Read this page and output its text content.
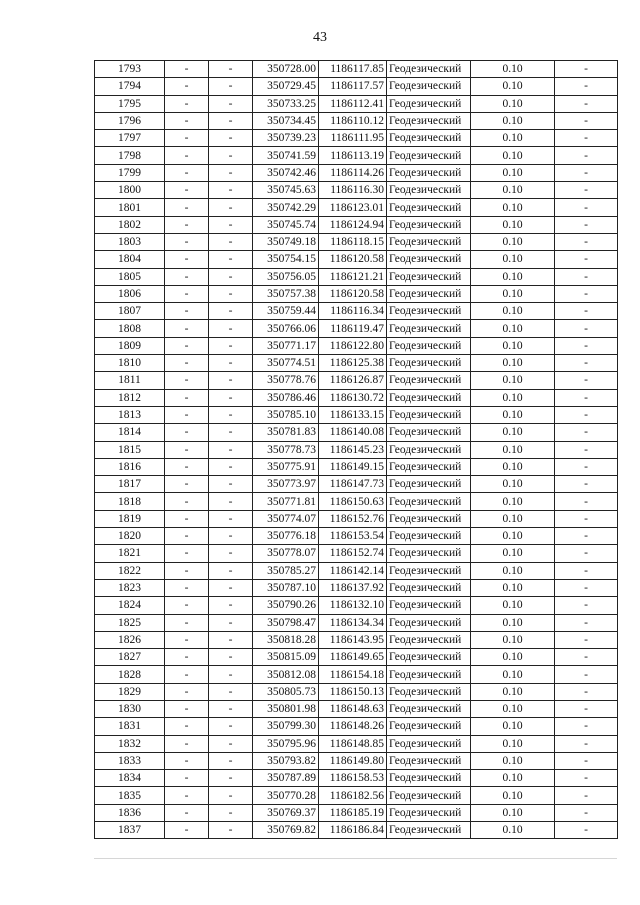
43
1793	-	-	350728.00	1186117.85	Геодезический	0.10	-
1794	-	-	350729.45	1186117.57	Геодезический	0.10	-
1795	-	-	350733.25	1186112.41	Геодезический	0.10	-
1796	-	-	350734.45	1186110.12	Геодезический	0.10	-
1797	-	-	350739.23	1186111.95	Геодезический	0.10	-
1798	-	-	350741.59	1186113.19	Геодезический	0.10	-
1799	-	-	350742.46	1186114.26	Геодезический	0.10	-
1800	-	-	350745.63	1186116.30	Геодезический	0.10	-
1801	-	-	350742.29	1186123.01	Геодезический	0.10	-
1802	-	-	350745.74	1186124.94	Геодезический	0.10	-
1803	-	-	350749.18	1186118.15	Геодезический	0.10	-
1804	-	-	350754.15	1186120.58	Геодезический	0.10	-
1805	-	-	350756.05	1186121.21	Геодезический	0.10	-
1806	-	-	350757.38	1186120.58	Геодезический	0.10	-
1807	-	-	350759.44	1186116.34	Геодезический	0.10	-
1808	-	-	350766.06	1186119.47	Геодезический	0.10	-
1809	-	-	350771.17	1186122.80	Геодезический	0.10	-
1810	-	-	350774.51	1186125.38	Геодезический	0.10	-
1811	-	-	350778.76	1186126.87	Геодезический	0.10	-
1812	-	-	350786.46	1186130.72	Геодезический	0.10	-
1813	-	-	350785.10	1186133.15	Геодезический	0.10	-
1814	-	-	350781.83	1186140.08	Геодезический	0.10	-
1815	-	-	350778.73	1186145.23	Геодезический	0.10	-
1816	-	-	350775.91	1186149.15	Геодезический	0.10	-
1817	-	-	350773.97	1186147.73	Геодезический	0.10	-
1818	-	-	350771.81	1186150.63	Геодезический	0.10	-
1819	-	-	350774.07	1186152.76	Геодезический	0.10	-
1820	-	-	350776.18	1186153.54	Геодезический	0.10	-
1821	-	-	350778.07	1186152.74	Геодезический	0.10	-
1822	-	-	350785.27	1186142.14	Геодезический	0.10	-
1823	-	-	350787.10	1186137.92	Геодезический	0.10	-
1824	-	-	350790.26	1186132.10	Геодезический	0.10	-
1825	-	-	350798.47	1186134.34	Геодезический	0.10	-
1826	-	-	350818.28	1186143.95	Геодезический	0.10	-
1827	-	-	350815.09	1186149.65	Геодезический	0.10	-
1828	-	-	350812.08	1186154.18	Геодезический	0.10	-
1829	-	-	350805.73	1186150.13	Геодезический	0.10	-
1830	-	-	350801.98	1186148.63	Геодезический	0.10	-
1831	-	-	350799.30	1186148.26	Геодезический	0.10	-
1832	-	-	350795.96	1186148.85	Геодезический	0.10	-
1833	-	-	350793.82	1186149.80	Геодезический	0.10	-
1834	-	-	350787.89	1186158.53	Геодезический	0.10	-
1835	-	-	350770.28	1186182.56	Геодезический	0.10	-
1836	-	-	350769.37	1186185.19	Геодезический	0.10	-
1837	-	-	350769.82	1186186.84	Геодезический	0.10	-
